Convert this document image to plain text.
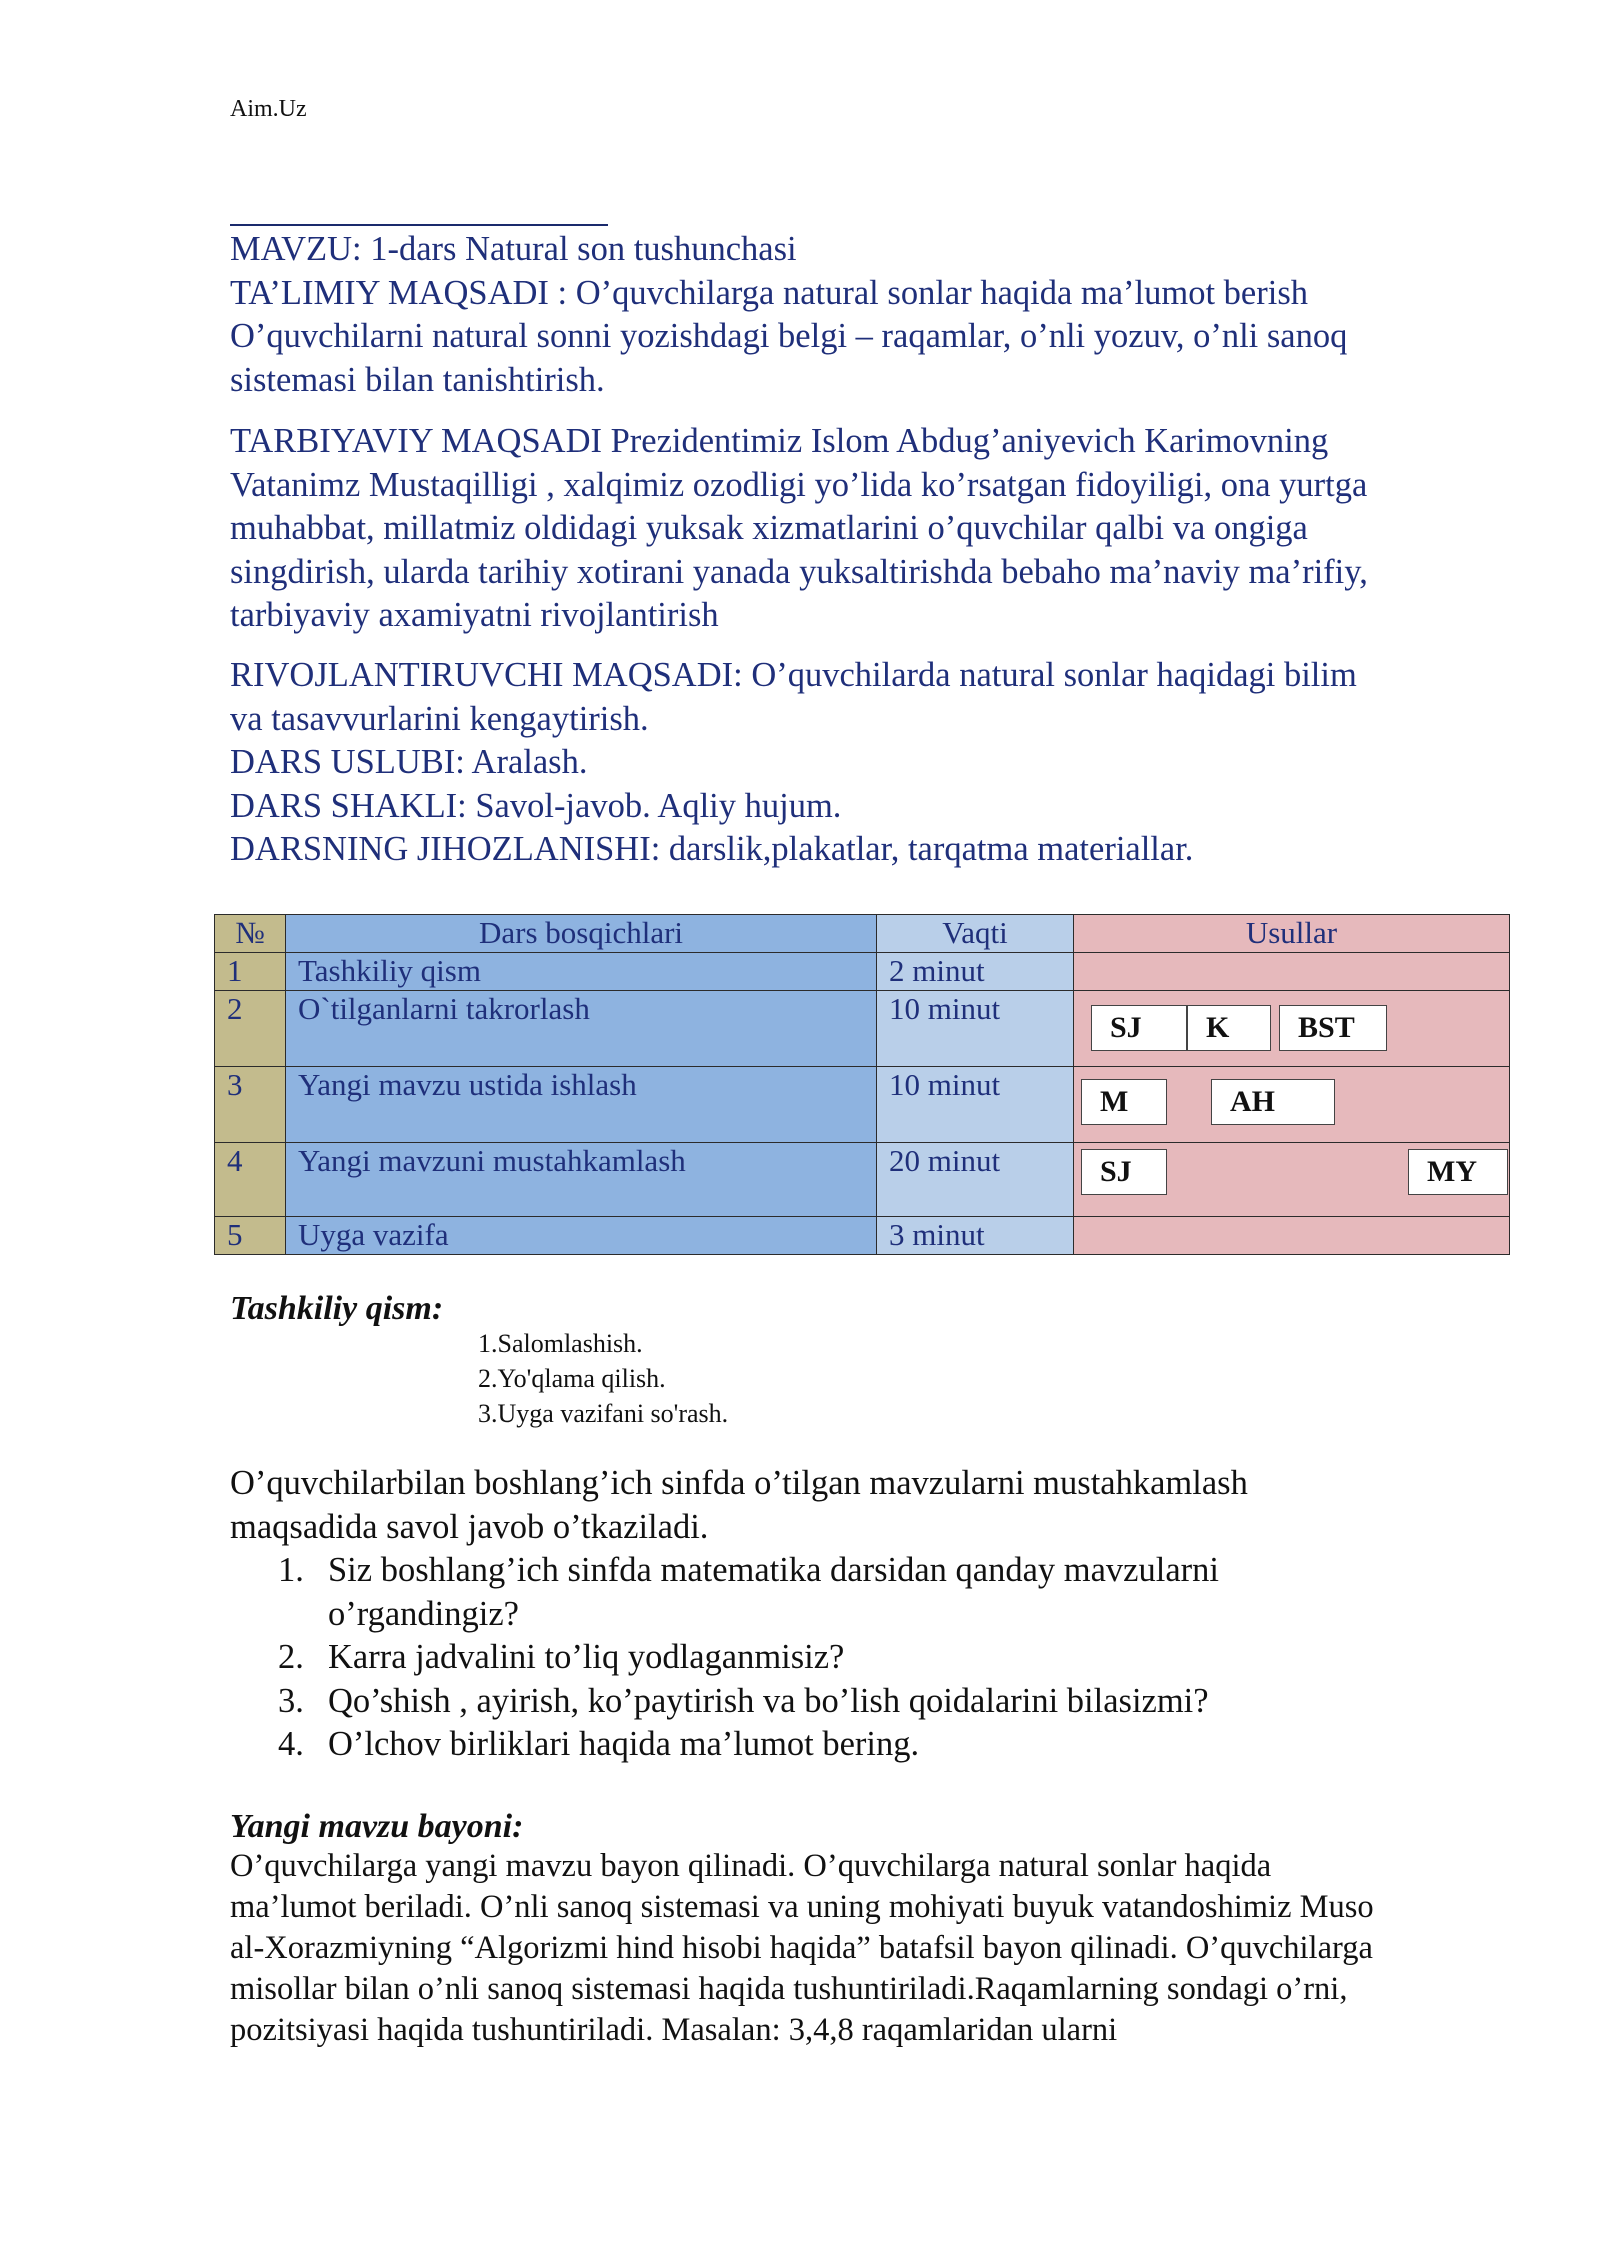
Aim.Uz

MAVZU: 1-dars Natural son tushunchasi

TA’LIMIY MAQSADI : O’quvchilarga natural sonlar haqida ma’lumot berish

O’quvchilarni natural sonni yozishdagi belgi – raqamlar, o’nli yozuv, o’nli sanoq

sistemasi bilan tanishtirish.

TARBIYAVIY MAQSADI Prezidentimiz Islom Abdug’aniyevich Karimovning

Vatanimz Mustaqilligi , xalqimiz ozodligi yo’lida ko’rsatgan fidoyiligi, ona yurtga

muhabbat, millatmiz oldidagi yuksak xizmatlarini o’quvchilar qalbi va ongiga

singdirish, ularda tarihiy xotirani yanada yuksaltirishda bebaho ma’naviy ma’rifiy,

tarbiyaviy axamiyatni rivojlantirish

RIVOJLANTIRUVCHI MAQSADI: O’quvchilarda natural sonlar haqidagi bilim

va tasavvurlarini kengaytirish.

DARS USLUBI: Aralash.

DARS SHAKLI: Savol-javob. Aqliy hujum.

DARSNING JIHOZLANISHI: darslik,plakatlar, tarqatma materiallar.

№	Dars bosqichlari	Vaqti	Usullar
1	Tashkiliy qism	2 minut	
2	O`tilganlarni takrorlash	10 minut	SJ K BST

3	Yangi mavzu ustida ishlash	10 minut	M AH

4	Yangi mavzuni mustahkamlash	20 minut	SJ MY

5	Uyga vazifa	3 minut	
Tashkiliy qism:

1.Salomlashish.

2.Yo'qlama qilish.

3.Uyga vazifani so'rash.

O’quvchilarbilan boshlang’ich sinfda o’tilgan mavzularni mustahkamlash

maqsadida savol javob o’tkaziladi.

1. Siz boshlang’ich sinfda matematika darsidan qanday mavzularni
o’rgandingiz?
2. Karra jadvalini to’liq yodlaganmisiz?
3. Qo’shish , ayirish, ko’paytirish va bo’lish qoidalarini bilasizmi?
4. O’lchov birliklari haqida ma’lumot bering.
Yangi mavzu bayoni:

O’quvchilarga yangi mavzu bayon qilinadi. O’quvchilarga natural sonlar haqida

ma’lumot beriladi. O’nli sanoq sistemasi va uning mohiyati buyuk vatandoshimiz Muso

al-Xorazmiyning “Algorizmi hind hisobi haqida” batafsil bayon qilinadi. O’quvchilarga

misollar bilan o’nli sanoq sistemasi haqida tushuntiriladi.Raqamlarning sondagi o’rni,

pozitsiyasi haqida tushuntiriladi. Masalan: 3,4,8 raqamlaridan ularni
